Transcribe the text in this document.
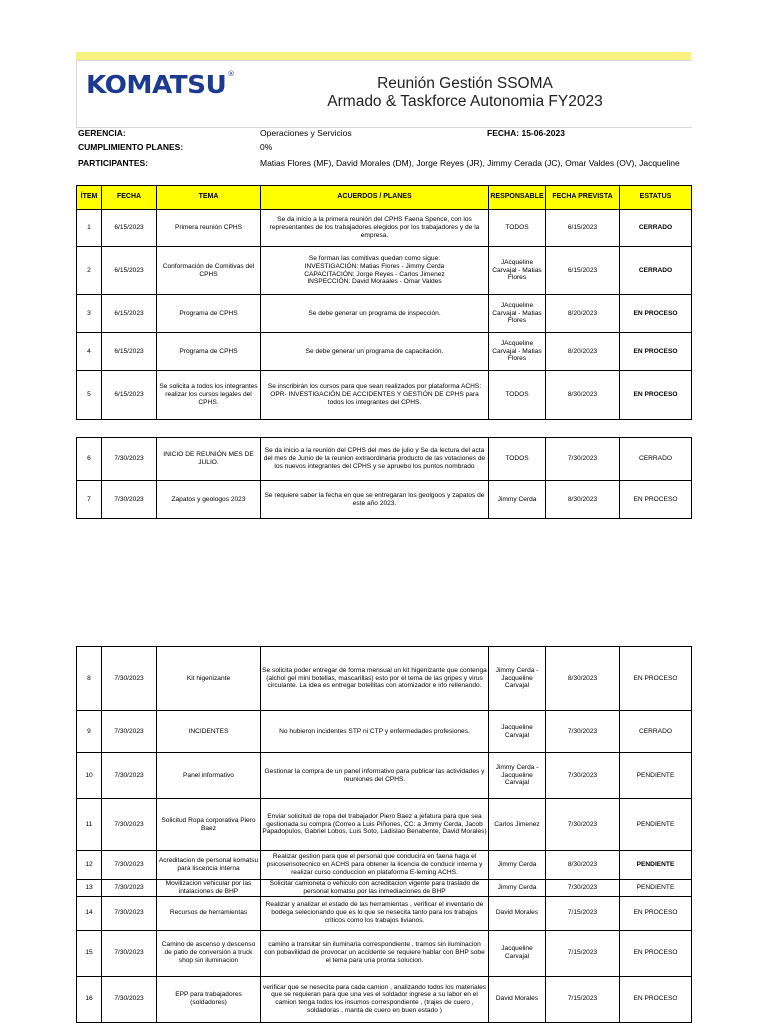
KOMATSU®
Reunión Gestión SSOMA
Armado & Taskforce Autonomia FY2023
GERENCIA:	Operaciones y Servicios	FECHA: 15-06-2023
CUMPLIMIENTO PLANES:	0%
PARTICIPANTES:	Matias Flores (MF), David Morales (DM), Jorge Reyes (JR), Jimmy Cerada (JC), Omar Valdes (OV), Jacqueline
ÍTEM	FECHA	TEMA	ACUERDOS / PLANES	RESPONSABLE	FECHA PREVISTA	ESTATUS
1	6/15/2023	Primera reunión CPHS	Se da inicio a la primera reunión del CPHS Faena Spence, con los representantes de los trabajadores elegidos por los trabajadores y de la empresa.	TODOS	6/15/2023	CERRADO
2	6/15/2023	Conformación de Comitivas del CPHS	Se forman las comitivas quedan como sigue:
INVESTIGACIÓN: Matias Flores - Jimmy Cerda
CAPACITACIÓN: Jorge Reyes - Carlos Jimenez
INSPECCIÓN: David Moraales - Omar Valdes	JAcqueline Carvajal - Matias Flores	6/15/2023	CERRADO
3	6/15/2023	Programa de CPHS	Se debe generar un programa de inspección.	JAcqueline Carvajal - Matias Flores	8/20/2023	EN PROCESO
4	6/15/2023	Programa de CPHS	Se debe generar un programa de capacitación.	JAcqueline Carvajal - Matias Flores	8/20/2023	EN PROCESO
5	6/15/2023	Se solicita a todos los integrantes realizar los cursos legales del CPHS.	Se inscribirán los cursos para que sean realizados por plataforma ACHS: OPR- INVESTIGACIÓN DE ACCIDENTES Y GESTIÓN DE CPHS para todos los integrantes del CPHS.	TODOS	8/30/2023	EN PROCESO
6	7/30/2023	INICIO DE REUNIÓN MES DE JULIO.	Se da inicio a la reunión del CPHS del mes de julio y Se da lectura del acta del mes de Junio de la reunion extraordinaria producto de las votaciones de los nuevos integrantes del CPHS y se apruebo los puntos nombrado	TODOS	7/30/2023	CERRADO
7	7/30/2023	Zapatos y geologos 2023	Se requiere saber la fecha en que se entregaran los geolgoos y zapatos de este año 2023.	Jimmy Cerda	8/30/2023	EN PROCESO
8	7/30/2023	Kit higenizante	Se solicita poder entregar de forma mensual un kit higenizante que contenga (alchol gel mini botellas, mascarillas) esto por el tema de las gripes y virus circulante. La idea es entregar botellitas con atomizador e irlo rellenando.	Jimmy Cerda - Jacqueline Carvajal	8/30/2023	EN PROCESO
9	7/30/2023	INCIDENTES	No hubieron incidentes STP ni CTP y enfermedades profesiones.	Jacqueline Carvajal	7/30/2023	CERRADO
10	7/30/2023	Panel informativo	Gestionar la compra de un panel informativo para publicar las actividades y reuniones del CPHS.	Jimmy Cerda - Jacqueline Carvajal	7/30/2023	PENDIENTE
11	7/30/2023	Solicitud Ropa corporativa Piero Baez	Enviar solicitud de ropa del trabajador Piero Baez a jefatura para que sea gestionada su compra (Correo a Luis Piñones, CC: a Jimmy Cerda, Jacob Papadopulos, Gabriel Lobos, Luis Soto, Ladislao Benabente, David Morales)	Carlos Jimenez	7/30/2023	PENDIENTE
12	7/30/2023	Acreditacion de personal komatsu para liscencia interna	Realizar gestion para que el personal que conducira en faena haga el psicosensotecnico en ACHS para obtener la licencia de conducir interna y realizar curso conduccion en plataforma E-lerning ACHS.	Jimmy Cerda	8/30/2023	PENDIENTE
13	7/30/2023	Movilizacion vehicular por las intalaciones de BHP	Solicitar camioneta o vehiculo con acreditacion vigente para traslado de personal komatsu por las inmediaciones de BHP	Jimmy Cerda	7/30/2023	PENDIENTE
14	7/30/2023	Recursos de herramientas	Realizar y analizar el estado de las herramientas , verificar el inventario de bodega selecionando que es lo que se nesecita tanto para los trabajos criticos como los trabajos livianos.	David Morales	7/15/2023	EN PROCESO
15	7/30/2023	Camino de ascenso y descenso de patio de conversión a truck shop sin iluminacion	camino a transitar sin iluminaria correspondiente , tramos sin iluminacion con pobavilidad de provocar un accidente se requiere hablar con BHP sobe el tema para una pronta solucion.	Jacqueline Carvajal	7/15/2023	EN PROCESO
16	7/30/2023	EPP para trabajadores (soldadores)	verificar que se nesecita para cada camion , analizando todos los materiales que se requieran para que una ves el soldador ingrese a su labor en el camion tenga todos los insumos correspondiente , (trajes de cuero , soldadoras , manta de cuero en buen estado )	David Morales	7/15/2023	EN PROCESO
